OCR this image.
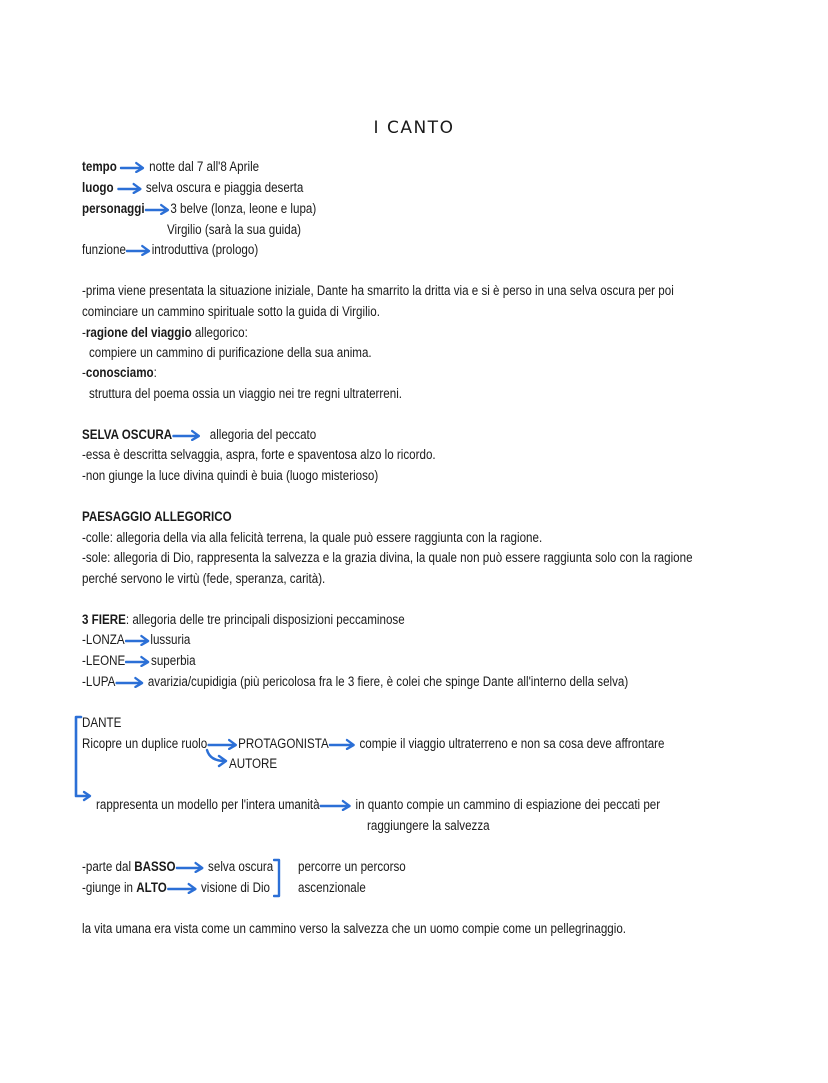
I CANTO
tempo notte dal 7 all'8 Aprile
luogo selva oscura e piaggia deserta
personaggi 3 belve (lonza, leone e lupa)
Virgilio (sarà la sua guida)
funzione introduttiva (prologo)
-prima viene presentata la situazione iniziale, Dante ha smarrito la dritta via e si è perso in una selva oscura per poi
cominciare un cammino spirituale sotto la guida di Virgilio.
-ragione del viaggio allegorico:
compiere un cammino di purificazione della sua anima.
-conosciamo:
struttura del poema ossia un viaggio nei tre regni ultraterreni.
SELVA OSCURA	allegoria del peccato
-essa è descritta selvaggia, aspra, forte e spaventosa alzo lo ricordo.
-non giunge la luce divina quindi è buia (luogo misterioso)
PAESAGGIO ALLEGORICO
-colle: allegoria della via alla felicità terrena, la quale può essere raggiunta con la ragione.
-sole: allegoria di Dio, rappresenta la salvezza e la grazia divina, la quale non può essere raggiunta solo con la ragione
perché servono le virtù (fede, speranza, carità).
3 FIERE: allegoria delle tre principali disposizioni peccaminose
-LONZA lussuria
-LEONE superbia
-LUPA avarizia/cupidigia (più pericolosa fra le 3 fiere, è colei che spinge Dante all'interno della selva)
DANTE
Ricopre un duplice ruolo PROTAGONISTA compie il viaggio ultraterreno e non sa cosa deve affrontare
AUTORE
rappresenta un modello per l'intera umanità	in quanto compie un cammino di espiazione dei peccati per
raggiungere la salvezza
-parte dal BASSO selva oscura
-giunge in ALTO	visione di Dio
percorre un percorso
ascenzionale
la vita umana era vista come un cammino verso la salvezza che un uomo compie come un pellegrinaggio.
